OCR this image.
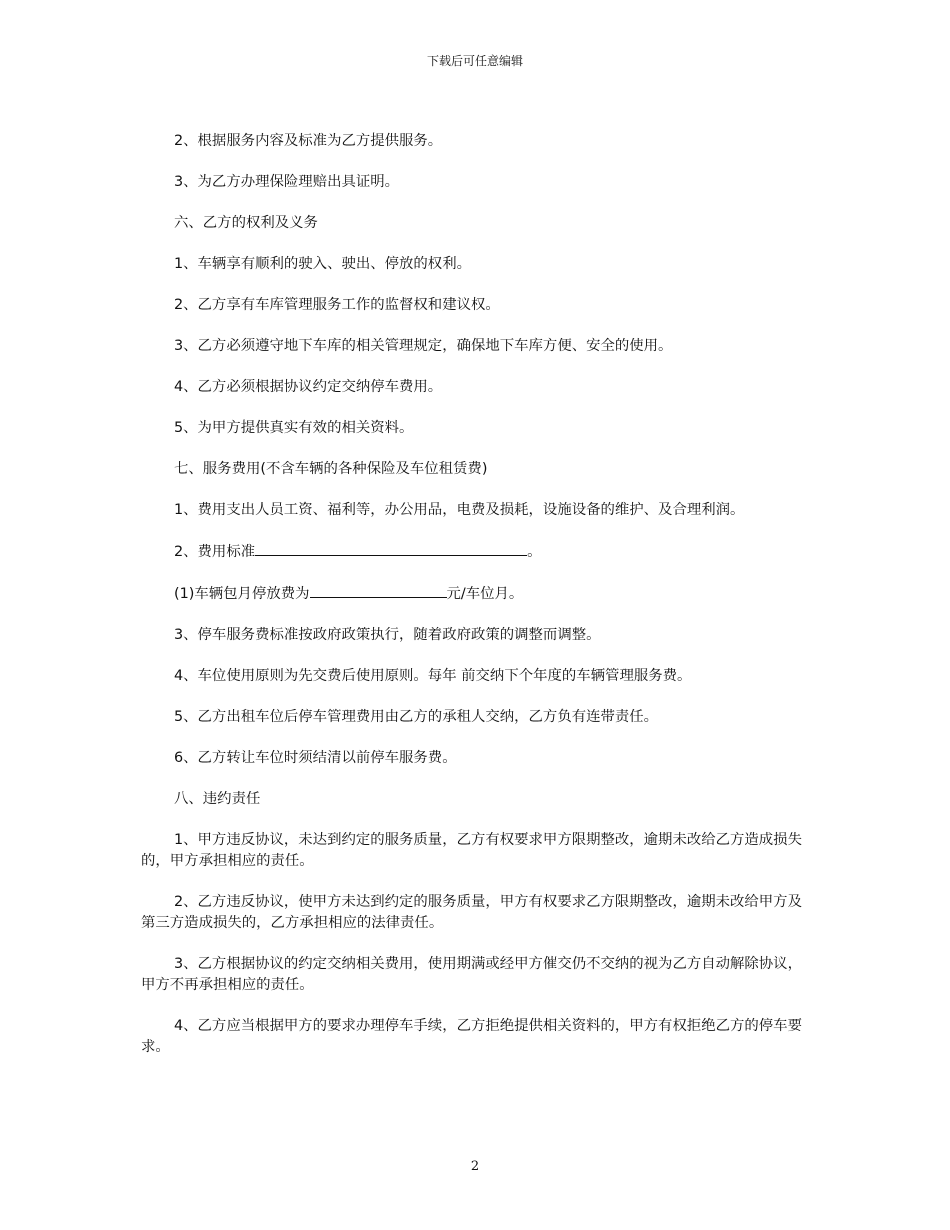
下载后可任意编辑

2、根据服务内容及标准为乙方提供服务。

3、为乙方办理保险理赔出具证明。

六、乙方的权利及义务

1、车辆享有顺利的驶入、驶出、停放的权利。

2、乙方享有车库管理服务工作的监督权和建议权。

3、乙方必须遵守地下车库的相关管理规定，确保地下车库方便、安全的使用。

4、乙方必须根据协议约定交纳停车费用。

5、为甲方提供真实有效的相关资料。

七、服务费用(不含车辆的各种保险及车位租赁费)

1、费用支出人员工资、福利等，办公用品，电费及损耗，设施设备的维护、及合理利润。

2、费用标准	。

(1)车辆包月停放费为	元/车位月。

3、停车服务费标准按政府政策执行，随着政府政策的调整而调整。

4、车位使用原则为先交费后使用原则。每年 前交纳下个年度的车辆管理服务费。

5、乙方出租车位后停车管理费用由乙方的承租人交纳，乙方负有连带责任。

6、乙方转让车位时须结清以前停车服务费。

八、违约责任

1、甲方违反协议，未达到约定的服务质量，乙方有权要求甲方限期整改，逾期未改给乙方造成损失的，甲方承担相应的责任。

2、乙方违反协议，使甲方未达到约定的服务质量，甲方有权要求乙方限期整改，逾期未改给甲方及第三方造成损失的，乙方承担相应的法律责任。

3、乙方根据协议的约定交纳相关费用，使用期满或经甲方催交仍不交纳的视为乙方自动解除协议，甲方不再承担相应的责任。

4、乙方应当根据甲方的要求办理停车手续，乙方拒绝提供相关资料的，甲方有权拒绝乙方的停车要求。

2
